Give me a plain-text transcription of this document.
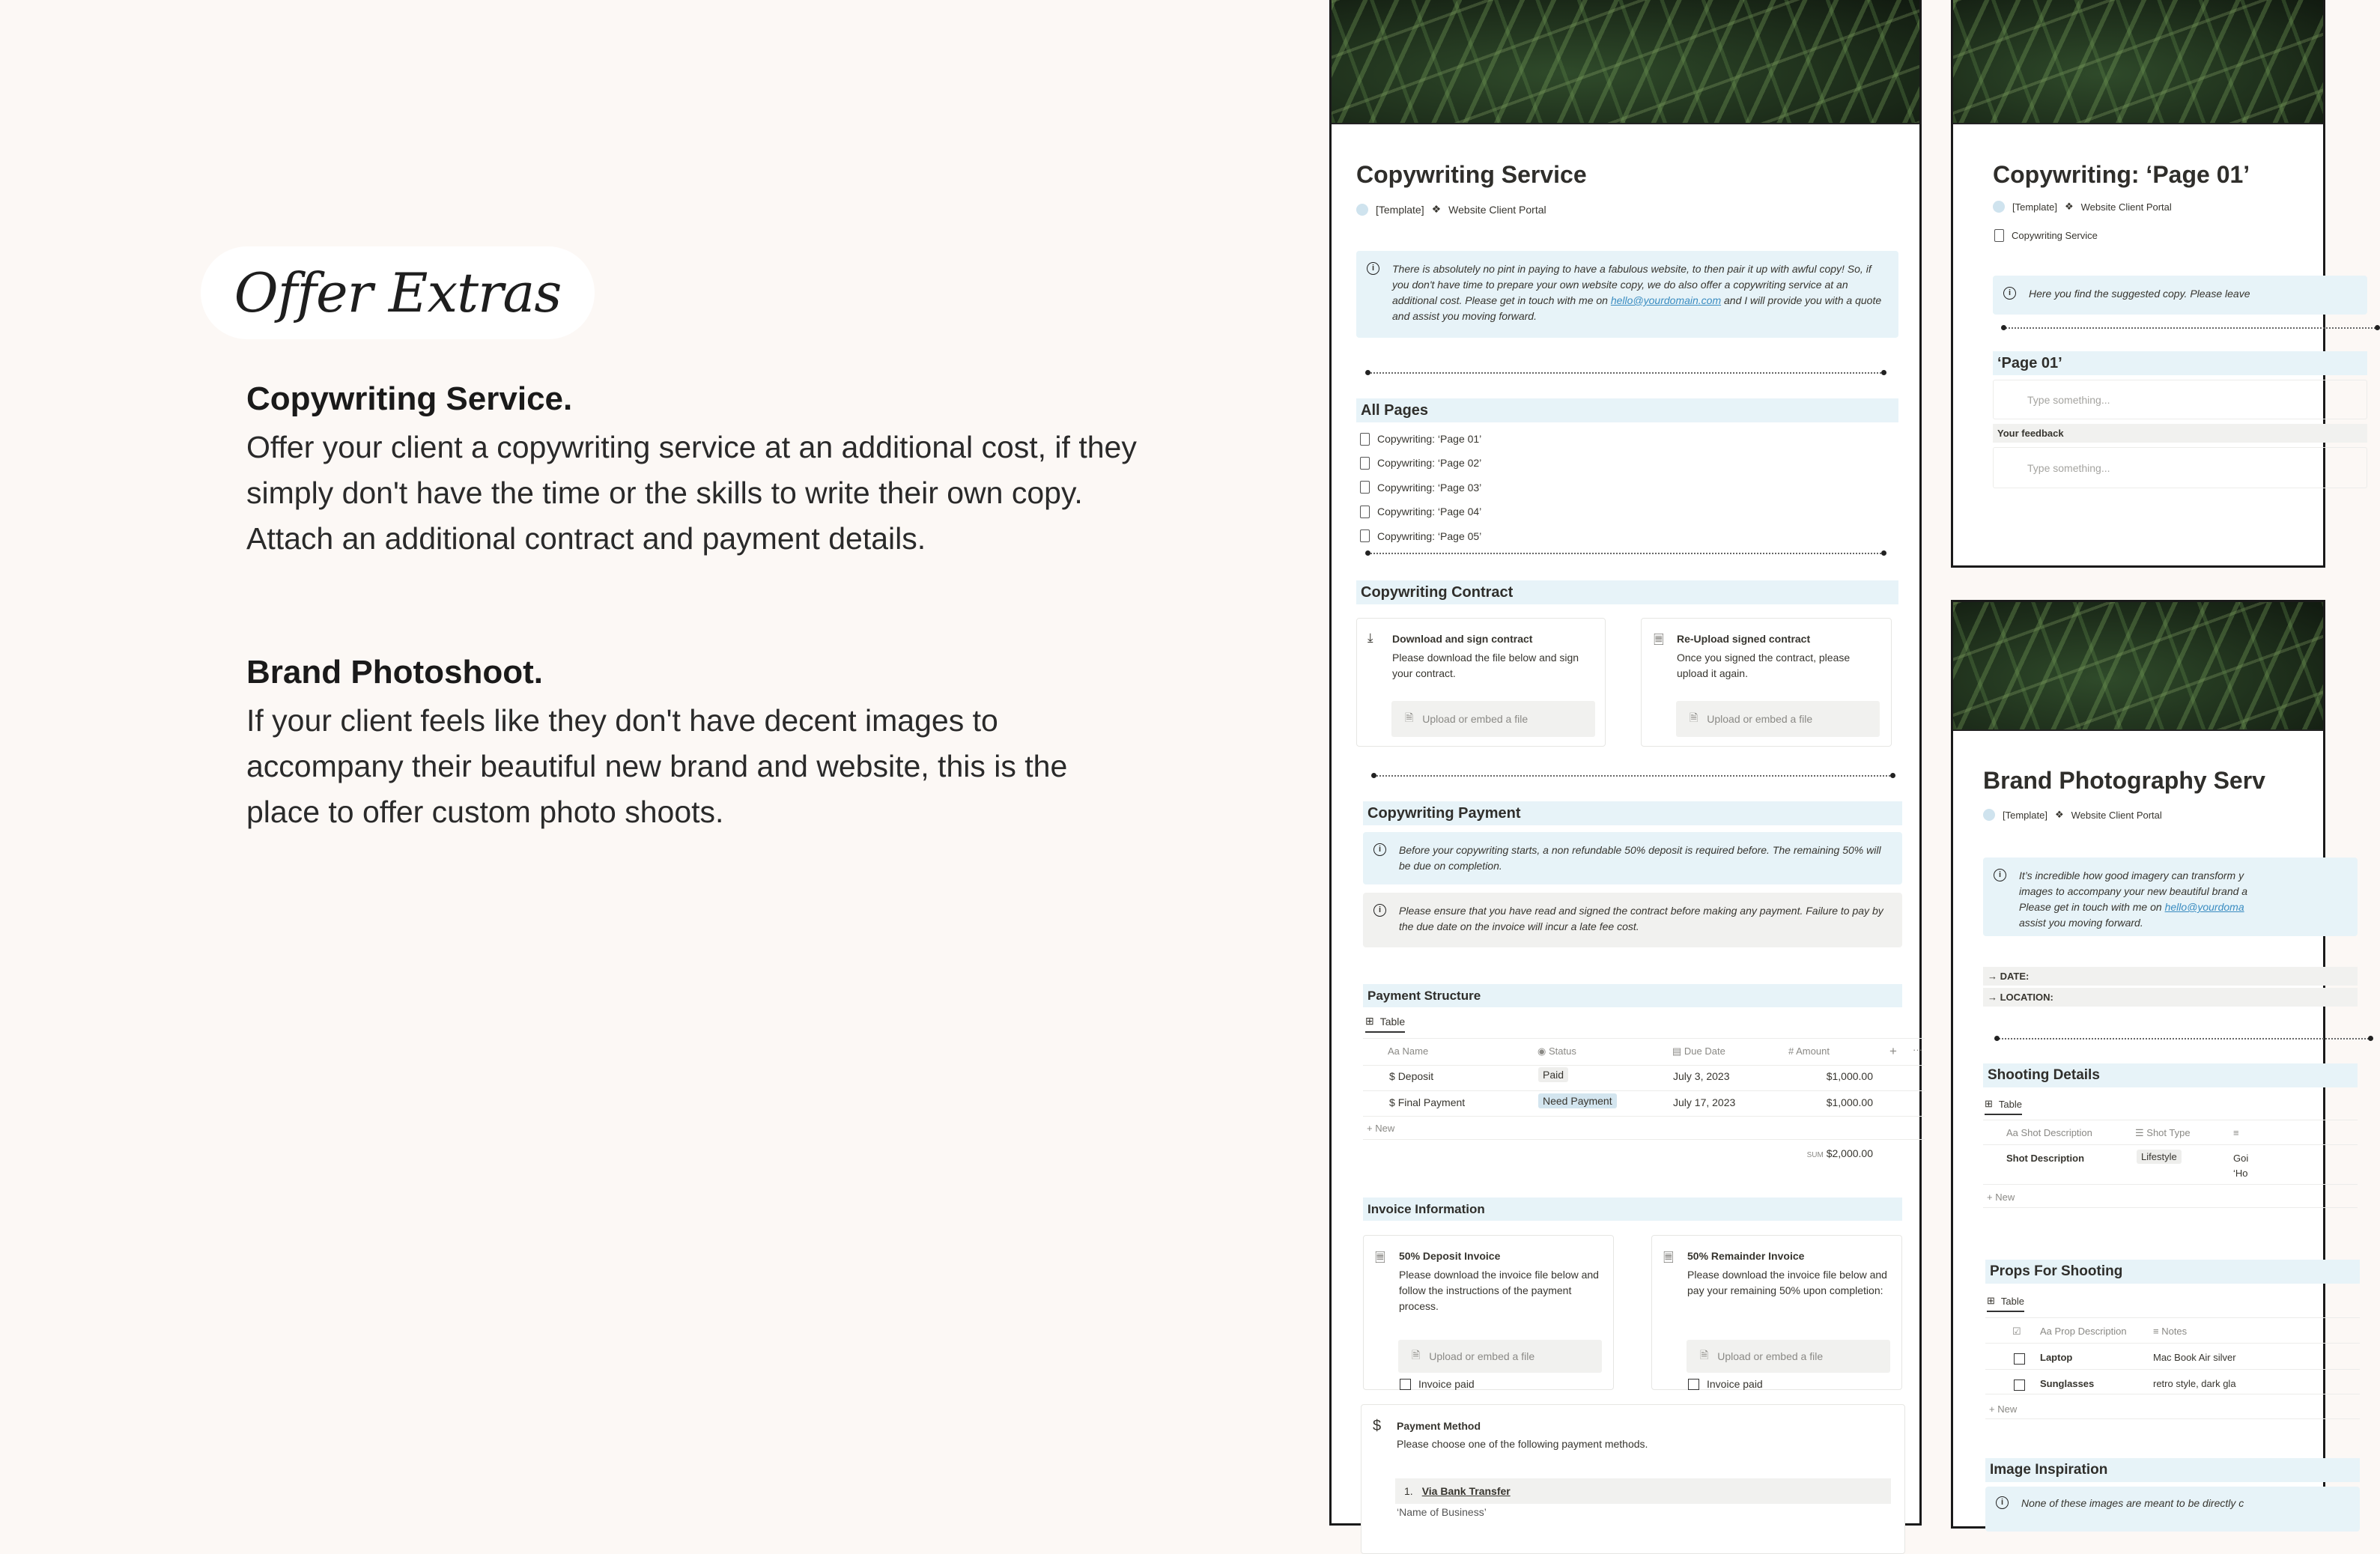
Offer Extras
Copywriting Service.
Offer your client a copywriting service at an additional cost, if they simply don't have the time or the skills to write their own copy. Attach an additional contract and payment details.
Brand Photoshoot.
If your client feels like they don't have decent images to accompany their beautiful new brand and website, this is the place to offer custom photo shoots.
Copywriting Service
[Template] ❖ Website Client Portal
i	There is absolutely no pint in paying to have a fabulous website, to then pair it up with awful copy! So, if you don't have time to prepare your own website copy, we do also offer a copywriting service at an additional cost. Please get in touch with me on hello@yourdomain.com and I will provide you with a quote and assist you moving forward.
All Pages
Copywriting: ‘Page 01’
Copywriting: ‘Page 02’
Copywriting: ‘Page 03’
Copywriting: ‘Page 04’
Copywriting: ‘Page 05’
Copywriting Contract
⤓ Download and sign contract
Please download the file below and sign your contract.
🗎 Upload or embed a file
🗏 Re-Upload signed contract
Once you signed the contract, please upload it again.
🗎 Upload or embed a file
Copywriting Payment
i	Before your copywriting starts, a non refundable 50% deposit is required before. The remaining 50% will be due on completion.
i	Please ensure that you have read and signed the contract before making any payment. Failure to pay by the due date on the invoice will incur a late fee cost.
Payment Structure
⊞ Table
Aa Name	◉ Status	▤ Due Date	# Amount	+ ···
$ Deposit	Paid	July 3, 2023	$1,000.00
$ Final Payment	Need Payment	July 17, 2023	$1,000.00
+ New
SUM $2,000.00
Invoice Information
🗏 50% Deposit Invoice
Please download the invoice file below and follow the instructions of the payment process.
🗎 Upload or embed a file
Invoice paid
🗏 50% Remainder Invoice
Please download the invoice file below and pay your remaining 50% upon completion:
🗎 Upload or embed a file
Invoice paid
$ Payment Method
Please choose one of the following payment methods.
1. Via Bank Transfer
‘Name of Business’
Copywriting: ‘Page 01’
[Template] ❖ Website Client Portal
Copywriting Service
i	Here you find the suggested copy. Please leave
‘Page 01’
Type something...
Your feedback
Type something...
Brand Photography Serv
[Template] ❖ Website Client Portal
i	It’s incredible how good imagery can transform y
images to accompany your new beautiful brand a
Please get in touch with me on hello@yourdoma
assist you moving forward.
→ DATE:
→ LOCATION:
Shooting Details
⊞ Table
Aa Shot Description	☰ Shot Type	≡
Shot Description	Lifestyle	Goi
‘Ho
+ New
Props For Shooting
⊞ Table
☑ Aa Prop Description	≡ Notes
Laptop	Mac Book Air silver
Sunglasses	retro style, dark gla
+ New
Image Inspiration
i	None of these images are meant to be directly c
